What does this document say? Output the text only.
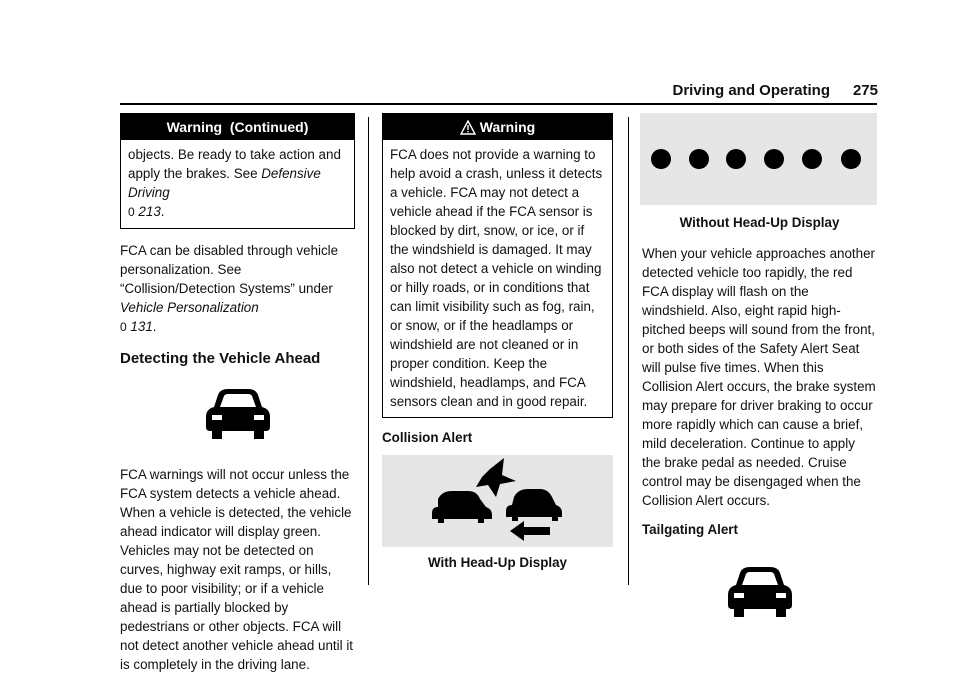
Driving and Operating	275
Warning  (Continued)
objects. Be ready to take action and apply the brakes. See Defensive Driving
0 213.

FCA can be disabled through vehicle personalization. See “Collision/Detection Systems” under Vehicle Personalization
0 131.

Detecting the Vehicle Ahead

FCA warnings will not occur unless the FCA system detects a vehicle ahead. When a vehicle is detected, the vehicle ahead indicator will display green. Vehicles may not be detected on curves, highway exit ramps, or hills, due to poor visibility; or if a vehicle ahead is partially blocked by pedestrians or other objects. FCA will not detect another vehicle ahead until it is completely in the driving lane.

Warning
FCA does not provide a warning to help avoid a crash, unless it detects a vehicle. FCA may not detect a vehicle ahead if the FCA sensor is blocked by dirt, snow, or ice, or if the windshield is damaged. It may also not detect a vehicle on winding or hilly roads, or in conditions that can limit visibility such as fog, rain, or snow, or if the headlamps or windshield are not cleaned or in proper condition. Keep the windshield, headlamps, and FCA sensors clean and in good repair.

Collision Alert

With Head-Up Display
Without Head-Up Display

When your vehicle approaches another detected vehicle too rapidly, the red FCA display will flash on the windshield. Also, eight rapid high-pitched beeps will sound from the front, or both sides of the Safety Alert Seat will pulse five times. When this Collision Alert occurs, the brake system may prepare for driver braking to occur more rapidly which can cause a brief, mild deceleration. Continue to apply the brake pedal as needed. Cruise control may be disengaged when the Collision Alert occurs.

Tailgating Alert
